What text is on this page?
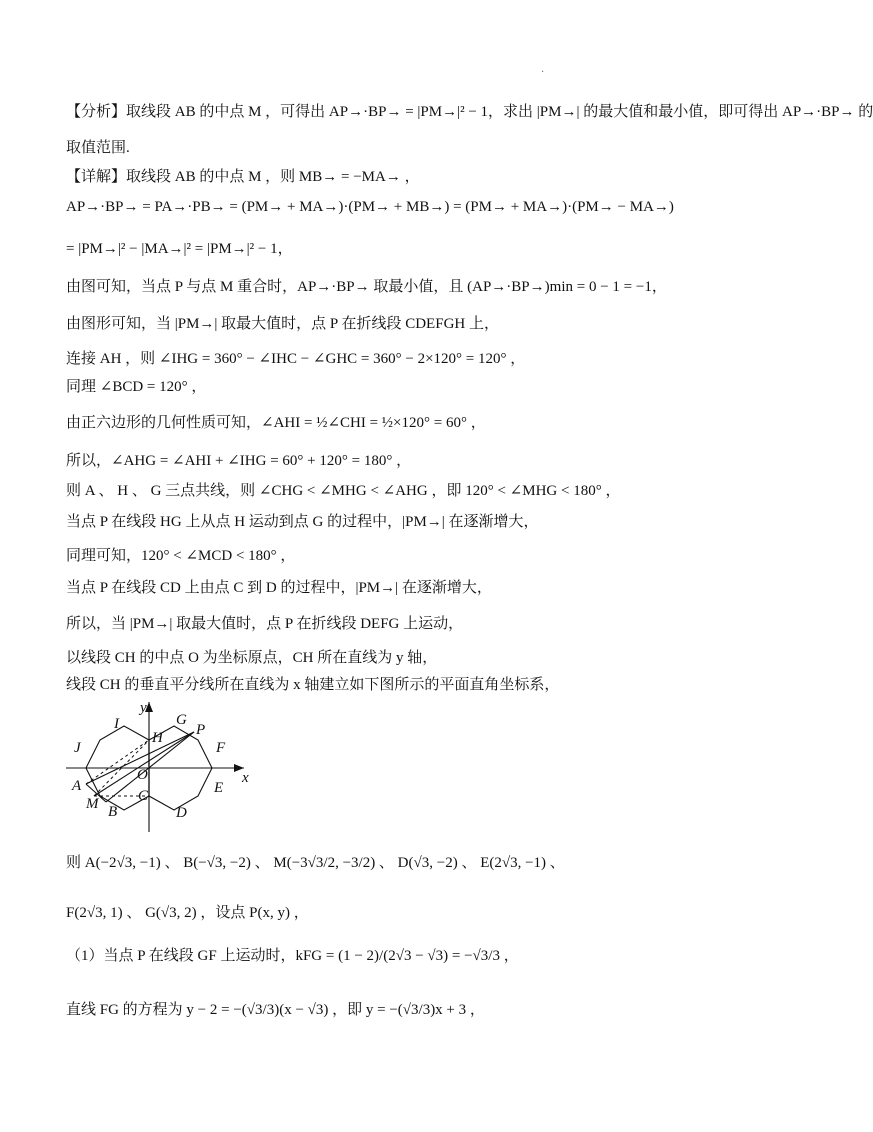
.
【分析】取线段 AB 的中点 M ，可得出 AP→·BP→ = |PM→|² − 1，求出 |PM→| 的最大值和最小值，即可得出 AP→·BP→ 的
取值范围.
【详解】取线段 AB 的中点 M ，则 MB→ = −MA→ ，
AP→·BP→ = PA→·PB→ = (PM→ + MA→)·(PM→ + MB→) = (PM→ + MA→)·(PM→ − MA→)
= |PM→|² − |MA→|² = |PM→|² − 1，
由图可知，当点 P 与点 M 重合时，AP→·BP→ 取最小值，且 (AP→·BP→)min = 0 − 1 = −1，
由图形可知，当 |PM→| 取最大值时，点 P 在折线段 CDEFGH 上，
连接 AH ，则 ∠IHG = 360° − ∠IHC − ∠GHC = 360° − 2×120° = 120° ，
同理 ∠BCD = 120° ，
由正六边形的几何性质可知，∠AHI = ½∠CHI = ½×120° = 60° ，
所以，∠AHG = ∠AHI + ∠IHG = 60° + 120° = 180° ，
则 A 、 H 、 G 三点共线，则 ∠CHG < ∠MHG < ∠AHG ，即 120° < ∠MHG < 180° ，
当点 P 在线段 HG 上从点 H 运动到点 G 的过程中，|PM→| 在逐渐增大，
同理可知，120° < ∠MCD < 180° ，
当点 P 在线段 CD 上由点 C 到 D 的过程中，|PM→| 在逐渐增大，
所以，当 |PM→| 取最大值时，点 P 在折线段 DEFG 上运动，
以线段 CH 的中点 O 为坐标原点，CH 所在直线为 y 轴，
线段 CH 的垂直平分线所在直线为 x 轴建立如下图所示的平面直角坐标系，
y
x
I	G
P
J
H
F
O
A
C	E
M B	D
则 A(−2√3, −1) 、 B(−√3, −2) 、 M(−3√3/2, −3/2) 、 D(√3, −2) 、 E(2√3, −1) 、
F(2√3, 1) 、 G(√3, 2) ，设点 P(x, y) ，
（1）当点 P 在线段 GF 上运动时，kFG = (1 − 2)/(2√3 − √3) = −√3/3 ，
直线 FG 的方程为 y − 2 = −(√3/3)(x − √3) ，即 y = −(√3/3)x + 3 ，
